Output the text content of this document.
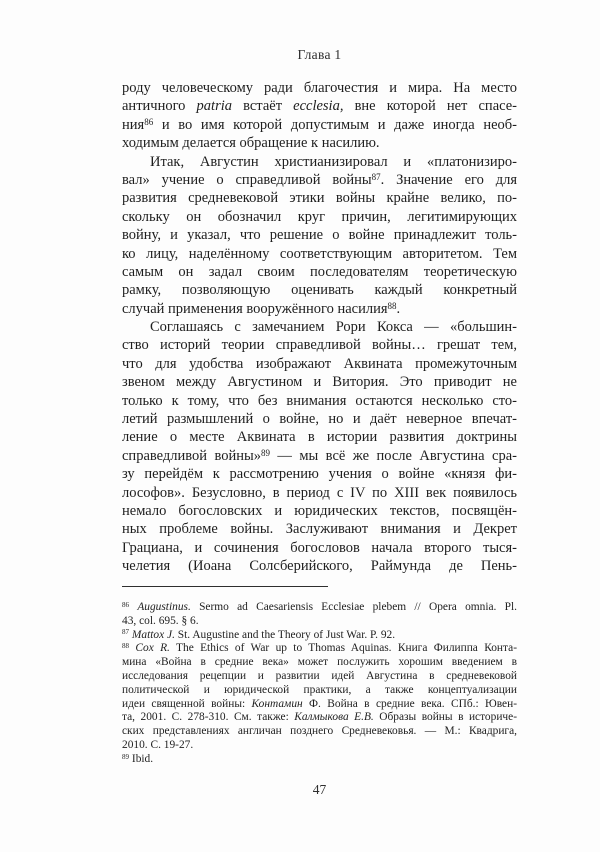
Глава 1
роду человеческому ради благочестия и мира. На место
античного patria встаёт ecclesia, вне которой нет спасе-
ния$^{86}$ и во имя которой допустимым и даже иногда необ-
ходимым делается обращение к насилию.
Итак, Августин христианизировал и «платонизиро-
вал» учение о справедливой войны$^{87}$. Значение его для
развития средневековой этики войны крайне велико, по-
скольку он обозначил круг причин, легитимирующих
войну, и указал, что решение о войне принадлежит толь-
ко лицу, наделённому соответствующим авторитетом. Тем
самым он задал своим последователям теоретическую
рамку, позволяющую оценивать каждый конкретный
случай применения вооружённого насилия$^{88}$.
Соглашаясь с замечанием Рори Кокса — «большин-
ство историй теории справедливой войны… грешат тем,
что для удобства изображают Аквината промежуточным
звеном между Августином и Витория. Это приводит не
только к тому, что без внимания остаются несколько сто-
летий размышлений о войне, но и даёт неверное впечат-
ление о месте Аквината в истории развития доктрины
справедливой войны»$^{89}$ — мы всё же после Августина сра-
зу перейдём к рассмотрению учения о войне «князя фи-
лософов». Безусловно, в период с IV по XIII век появилось
немало богословских и юридических текстов, посвящён-
ных проблеме войны. Заслуживают внимания и Декрет
Грациана, и сочинения богословов начала второго тыся-
челетия (Иоана Солсберийского, Раймунда де Пень-
$^{86}$ Augustinus. Sermo ad Caesariensis Ecclesiae plebem // Opera omnia. Pl.
43, col. 695. § 6.
$^{87}$ Mattox J. St. Augustine and the Theory of Just War. P. 92.
$^{88}$ Cox R. The Ethics of War up to Thomas Aquinas. Книга Филиппа Конта-
мина «Война в средние века» может послужить хорошим введением в
исследования рецепции и развитии идей Августина в средневековой
политической и юридической практики, а также концептуализации
идеи священной войны: Контамин Ф. Война в средние века. СПб.: Ювен-
та, 2001. С. 278-310. См. также: Калмыкова Е.В. Образы войны в историче-
ских представлениях англичан позднего Средневековья. — М.: Квадрига,
2010. С. 19-27.
$^{89}$ Ibid.
47
